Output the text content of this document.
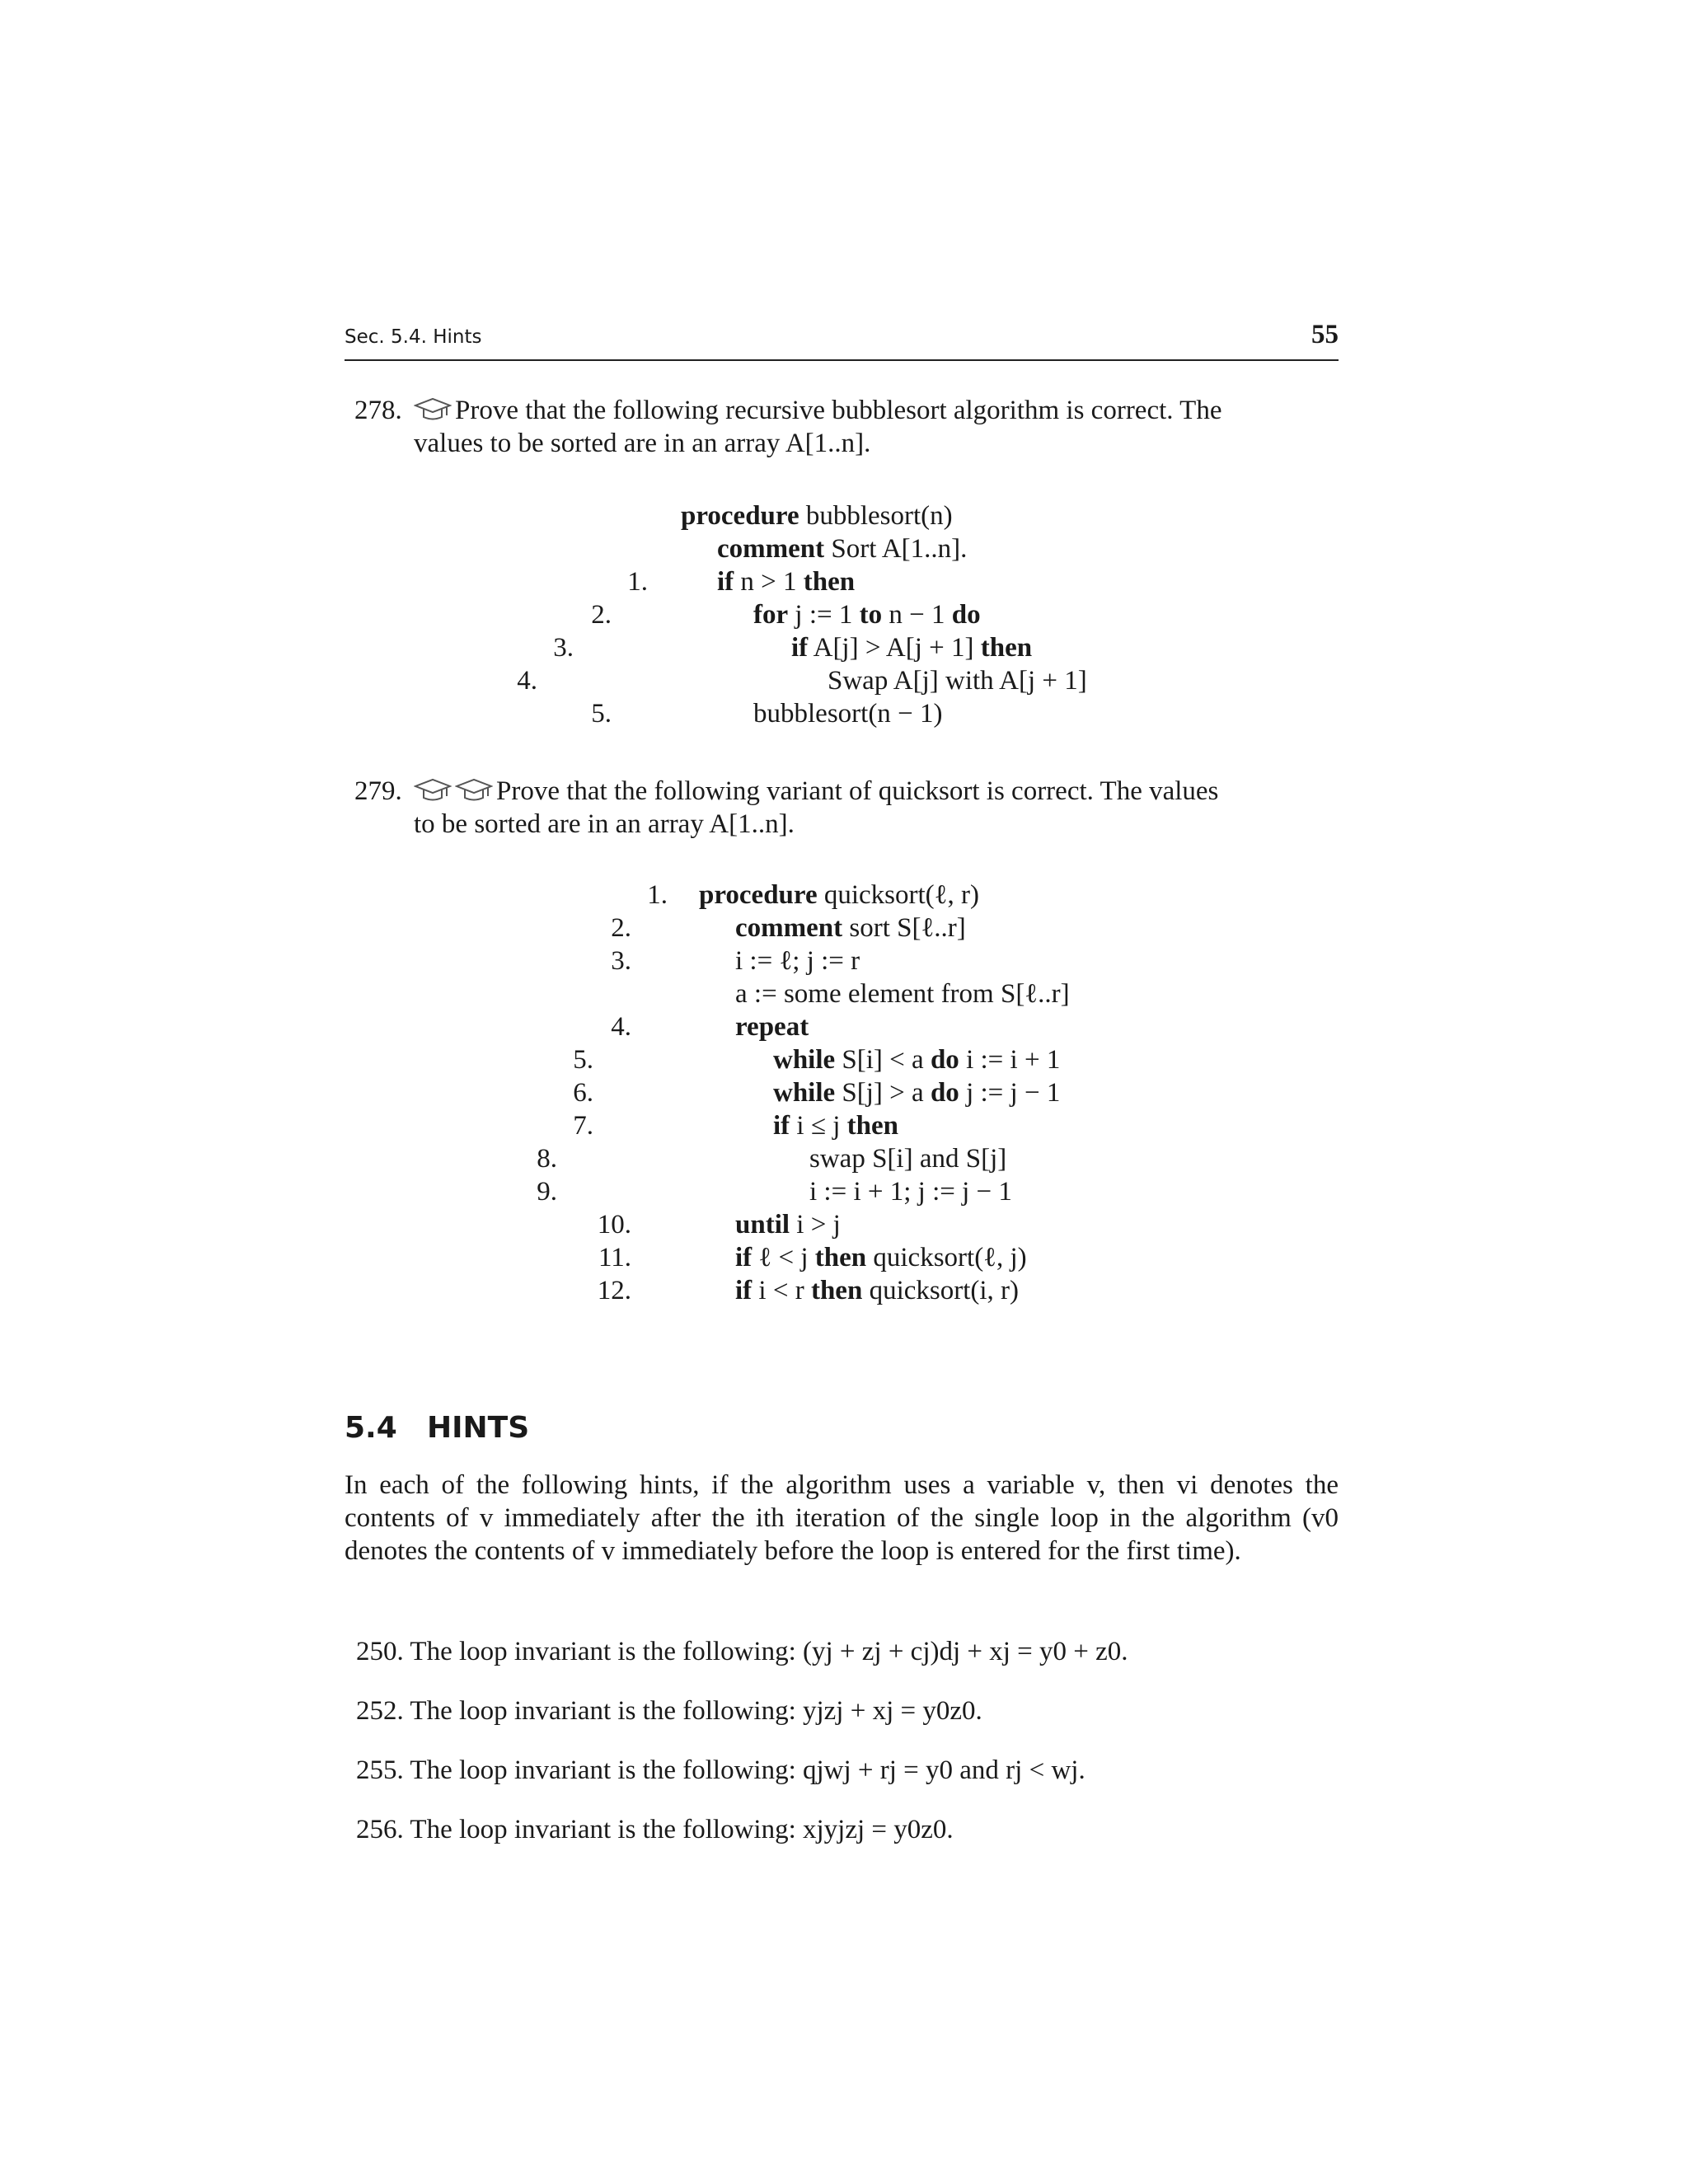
Sec. 5.4. Hints	55
278.	Prove that the following recursive bubblesort algorithm is correct. The
values to be sorted are in an array A[1..n].
procedure bubblesort(n)
comment Sort A[1..n].
1.	if n > 1 then
2.	for j := 1 to n − 1 do
3.	if A[j] > A[j + 1] then
4.	Swap A[j] with A[j + 1]
5.	bubblesort(n − 1)
279.	Prove that the following variant of quicksort is correct. The values
to be sorted are in an array A[1..n].
1. procedure quicksort(ℓ, r)
2.	comment sort S[ℓ..r]
3.	i := ℓ; j := r
a := some element from S[ℓ..r]
4.	repeat
5.	while S[i] < a do i := i + 1
6.	while S[j] > a do j := j − 1
7.	if i ≤ j then
8.	swap S[i] and S[j]
9.	i := i + 1; j := j − 1
10.	until i > j
11.	if ℓ < j then quicksort(ℓ, j)
12.	if i < r then quicksort(i, r)
5.4 HINTS
In each of the following hints, if the algorithm uses a variable v, then vi denotes the contents of v immediately after the ith iteration of the single loop in the algorithm (v0 denotes the contents of v immediately before the loop is entered for the first time).
250. The loop invariant is the following: (yj + zj + cj)dj + xj = y0 + z0.
252. The loop invariant is the following: yjzj + xj = y0z0.
255. The loop invariant is the following: qjwj + rj = y0 and rj < wj.
256. The loop invariant is the following: xjyjzj = y0z0.
